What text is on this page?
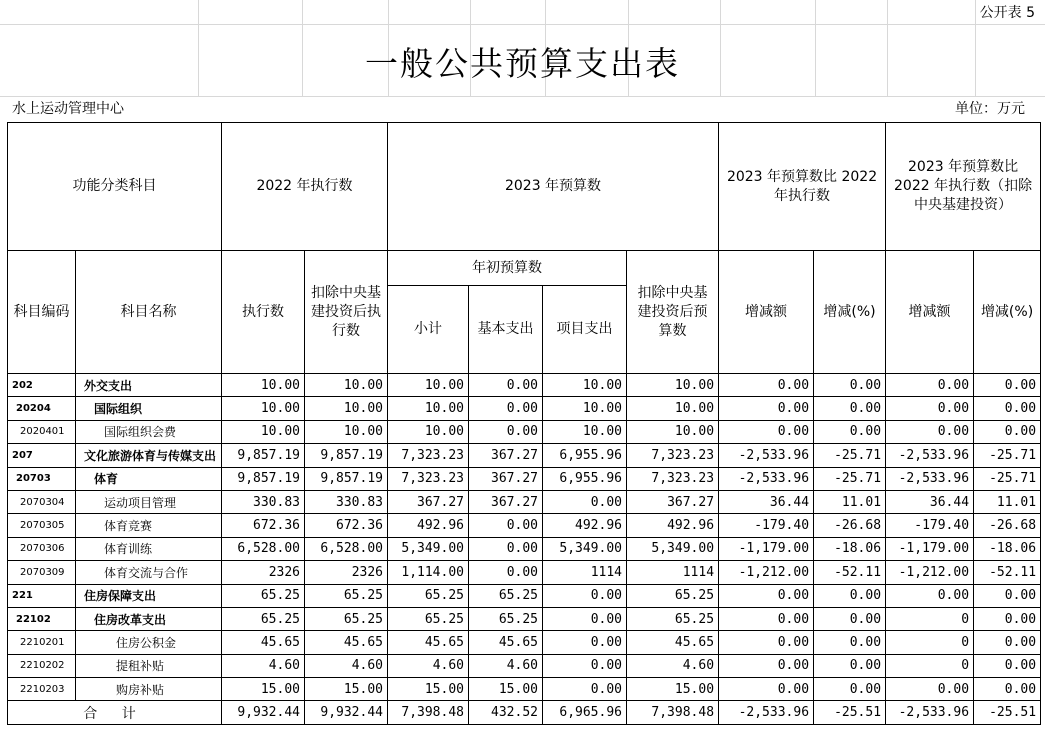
公开表 5
一般公共预算支出表
水上运动管理中心	单位：万元
功能分类科目		2022 年执行数		2023 年预算数				2023 年预算数比 2022 年执行数		2023 年预算数比 2022 年执行数（扣除中央基建投资）	
科目编码	科目名称	执行数	扣除中央基建投资后执行数	年初预算数			扣除中央基建投资后预算数	增减额	增减(%)	增减额	增减(%)
				小计	基本支出	项目支出					
202	外交支出	10.00	10.00	10.00	0.00	10.00	10.00	0.00	0.00	0.00	0.00
20204	国际组织	10.00	10.00	10.00	0.00	10.00	10.00	0.00	0.00	0.00	0.00
2020401	国际组织会费	10.00	10.00	10.00	0.00	10.00	10.00	0.00	0.00	0.00	0.00
207	文化旅游体育与传媒支出	9,857.19	9,857.19	7,323.23	367.27	6,955.96	7,323.23	-2,533.96	-25.71	-2,533.96	-25.71
20703	体育	9,857.19	9,857.19	7,323.23	367.27	6,955.96	7,323.23	-2,533.96	-25.71	-2,533.96	-25.71
2070304	运动项目管理	330.83	330.83	367.27	367.27	0.00	367.27	36.44	11.01	36.44	11.01
2070305	体育竞赛	672.36	672.36	492.96	0.00	492.96	492.96	-179.40	-26.68	-179.40	-26.68
2070306	体育训练	6,528.00	6,528.00	5,349.00	0.00	5,349.00	5,349.00	-1,179.00	-18.06	-1,179.00	-18.06
2070309	体育交流与合作	2326	2326	1,114.00	0.00	1114	1114	-1,212.00	-52.11	-1,212.00	-52.11
221	住房保障支出	65.25	65.25	65.25	65.25	0.00	65.25	0.00	0.00	0.00	0.00
22102	住房改革支出	65.25	65.25	65.25	65.25	0.00	65.25	0.00	0.00	0	0.00
2210201	住房公积金	45.65	45.65	45.65	45.65	0.00	45.65	0.00	0.00	0	0.00
2210202	提租补贴	4.60	4.60	4.60	4.60	0.00	4.60	0.00	0.00	0	0.00
2210203	购房补贴	15.00	15.00	15.00	15.00	0.00	15.00	0.00	0.00	0.00	0.00
合 计		9,932.44	9,932.44	7,398.48	432.52	6,965.96	7,398.48	-2,533.96	-25.51	-2,533.96	-25.51
